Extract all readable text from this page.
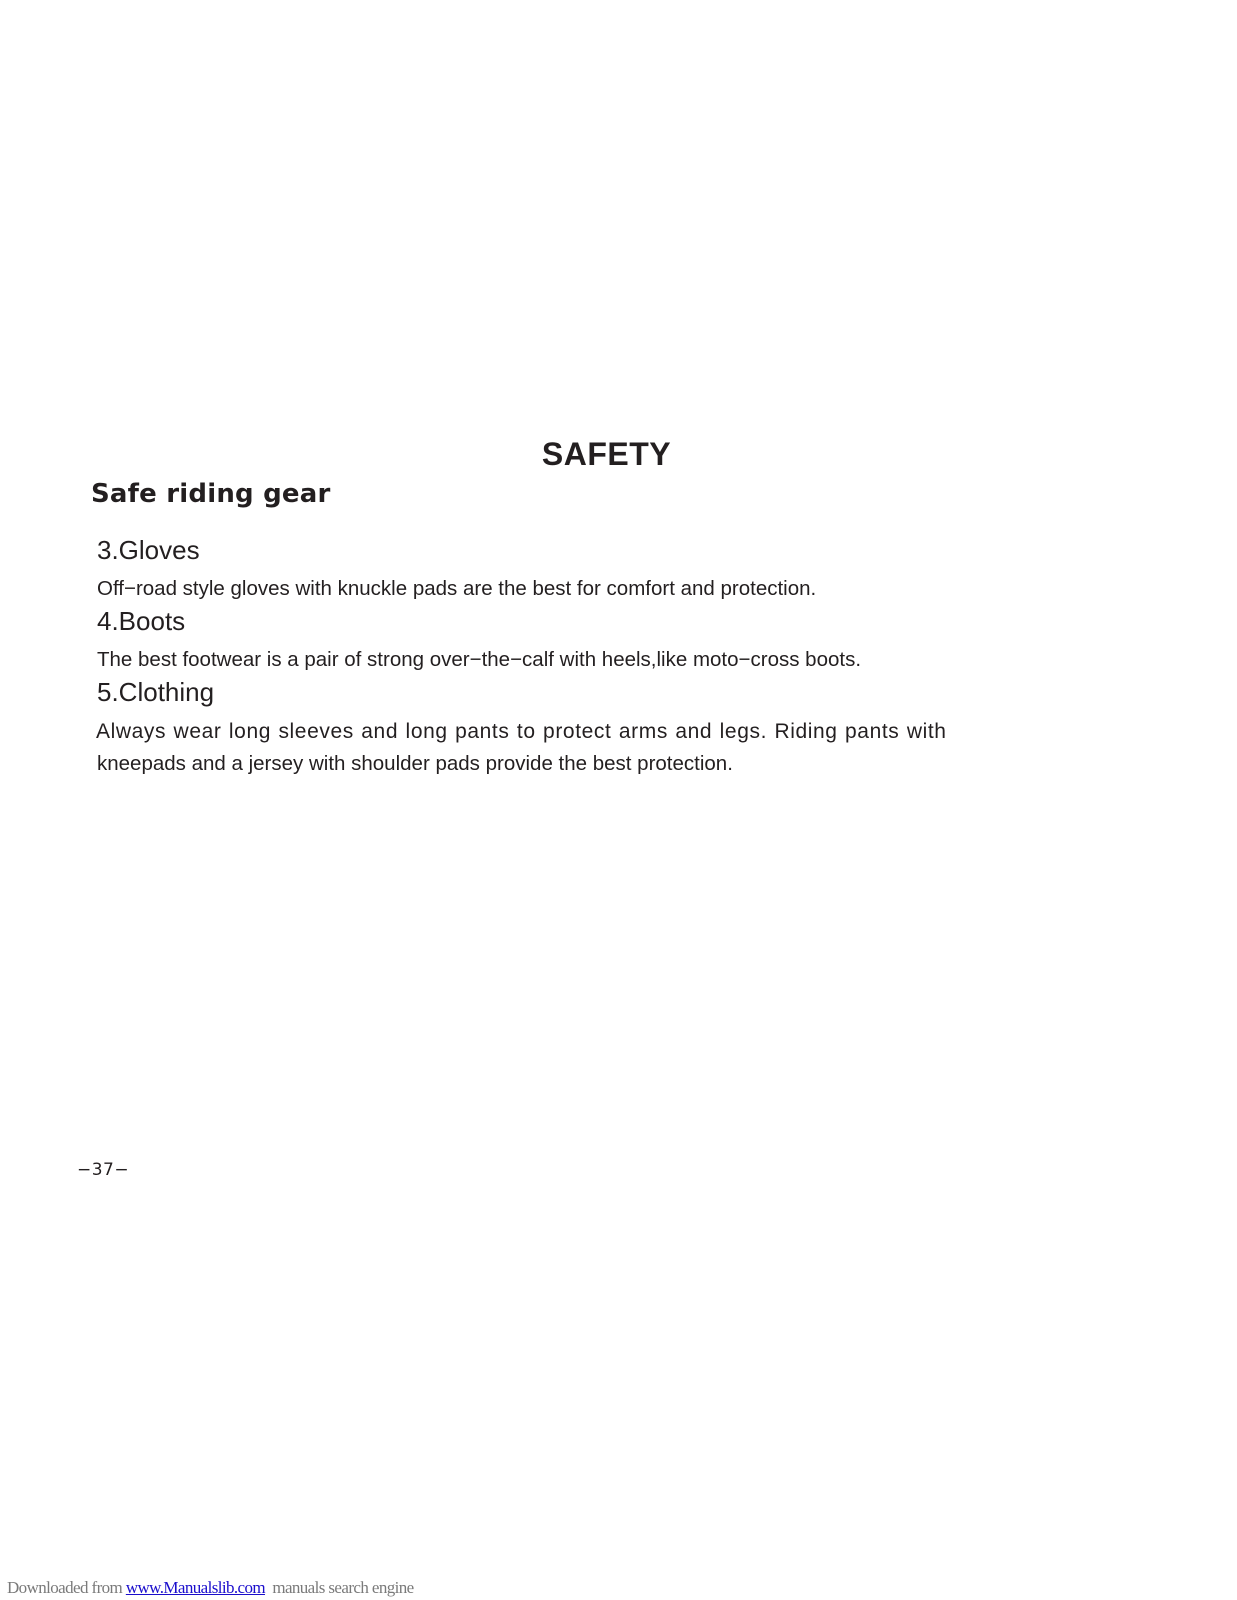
SAFETY
Safe riding gear
3.Gloves
Off−road style gloves with knuckle pads are the best for comfort and protection.
4.Boots
The best footwear is a pair of strong over−the−calf with heels,like moto−cross boots.
5.Clothing
Always wear long sleeves and long pants to protect arms and legs. Riding pants with
kneepads and a jersey with shoulder pads provide the best protection.
−37−
Downloaded from www.Manualslib.com  manuals search engine
